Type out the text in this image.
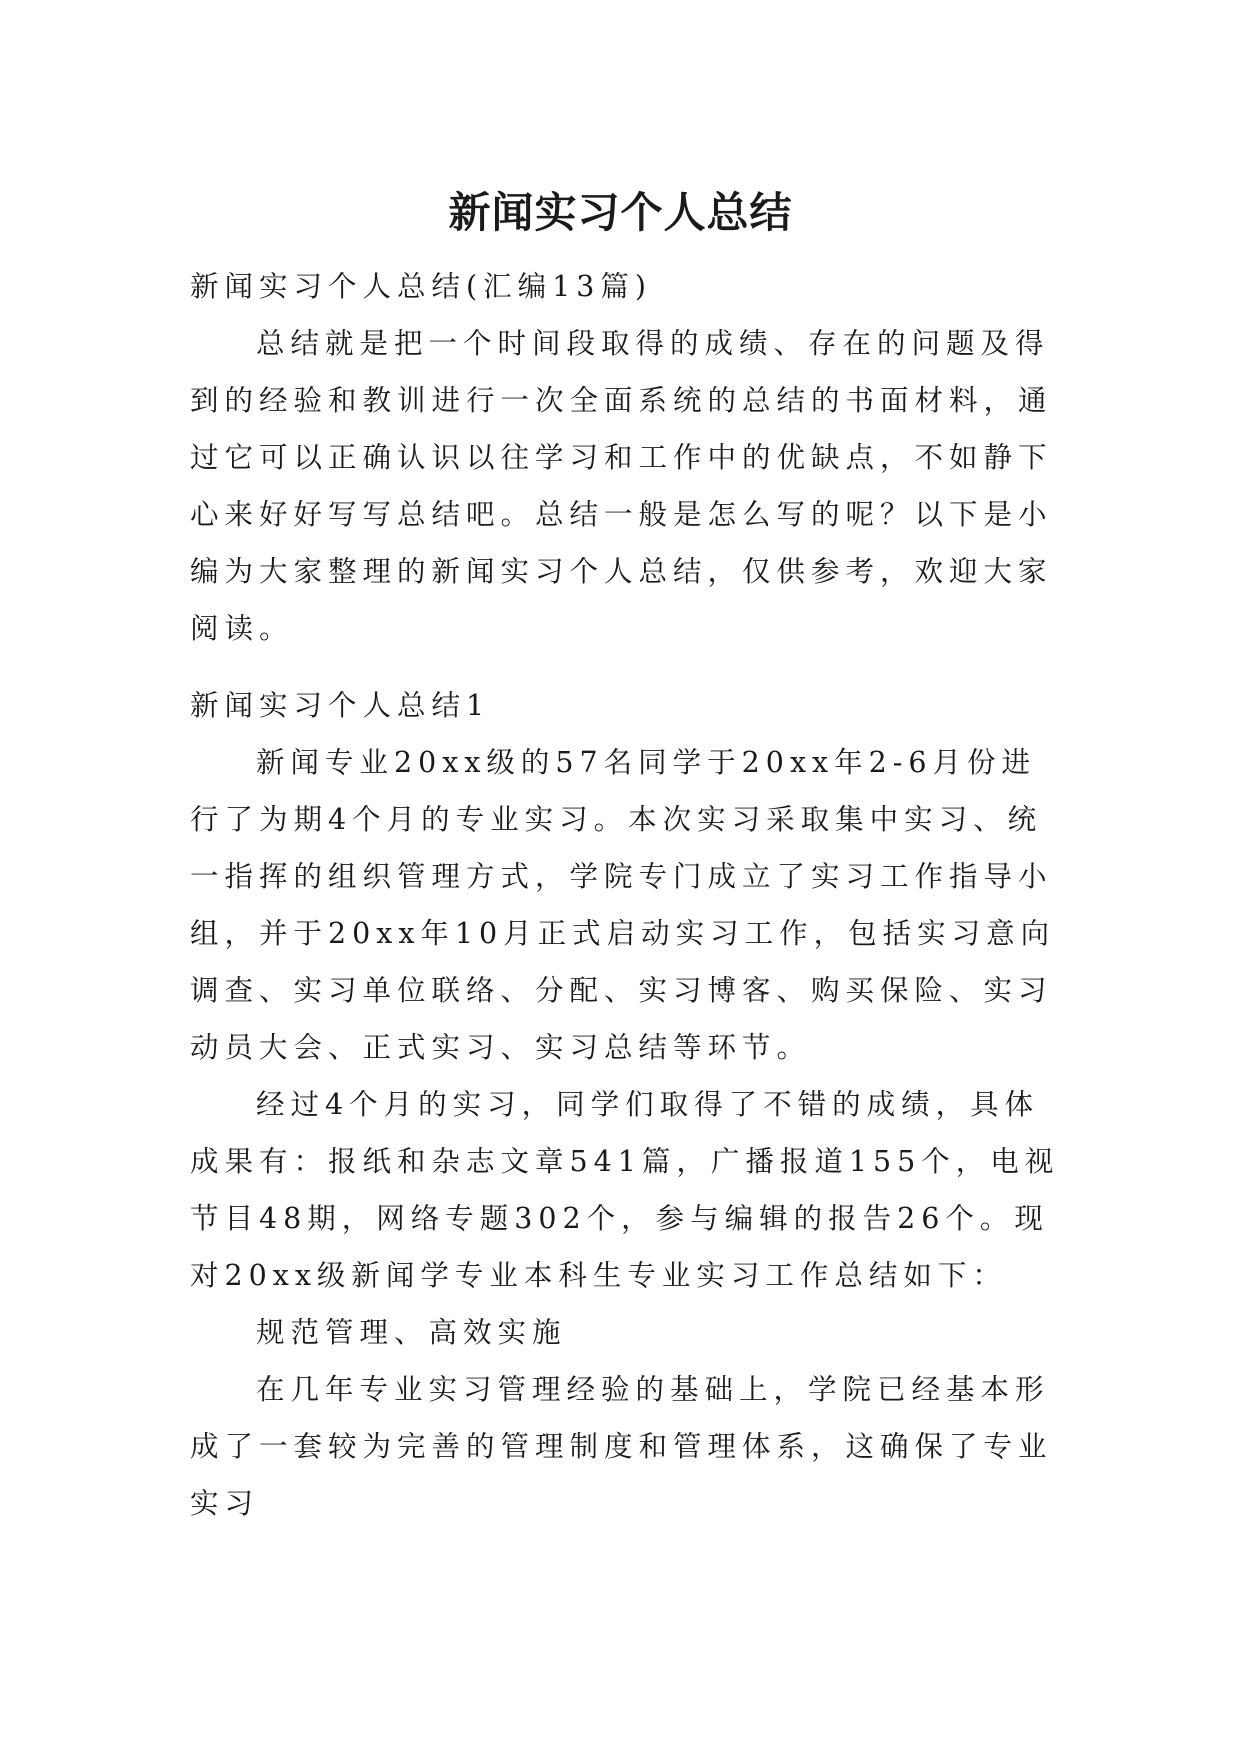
新闻实习个人总结

新闻实习个人总结(汇编13篇)

总结就是把一个时间段取得的成绩、存在的问题及得到的经验和教训进行一次全面系统的总结的书面材料，通过它可以正确认识以往学习和工作中的优缺点，不如静下心来好好写写总结吧。总结一般是怎么写的呢？以下是小编为大家整理的新闻实习个人总结，仅供参考，欢迎大家阅读。

新闻实习个人总结1

新闻专业20xx级的57名同学于20xx年2-6月份进行了为期4个月的专业实习。本次实习采取集中实习、统一指挥的组织管理方式，学院专门成立了实习工作指导小组，并于20xx年10月正式启动实习工作，包括实习意向调查、实习单位联络、分配、实习博客、购买保险、实习动员大会、正式实习、实习总结等环节。

经过4个月的实习，同学们取得了不错的成绩，具体成果有：报纸和杂志文章541篇，广播报道155个，电视节目48期，网络专题302个，参与编辑的报告26个。现对20xx级新闻学专业本科生专业实习工作总结如下：

规范管理、高效实施

在几年专业实习管理经验的基础上，学院已经基本形成了一套较为完善的管理制度和管理体系，这确保了专业实习
